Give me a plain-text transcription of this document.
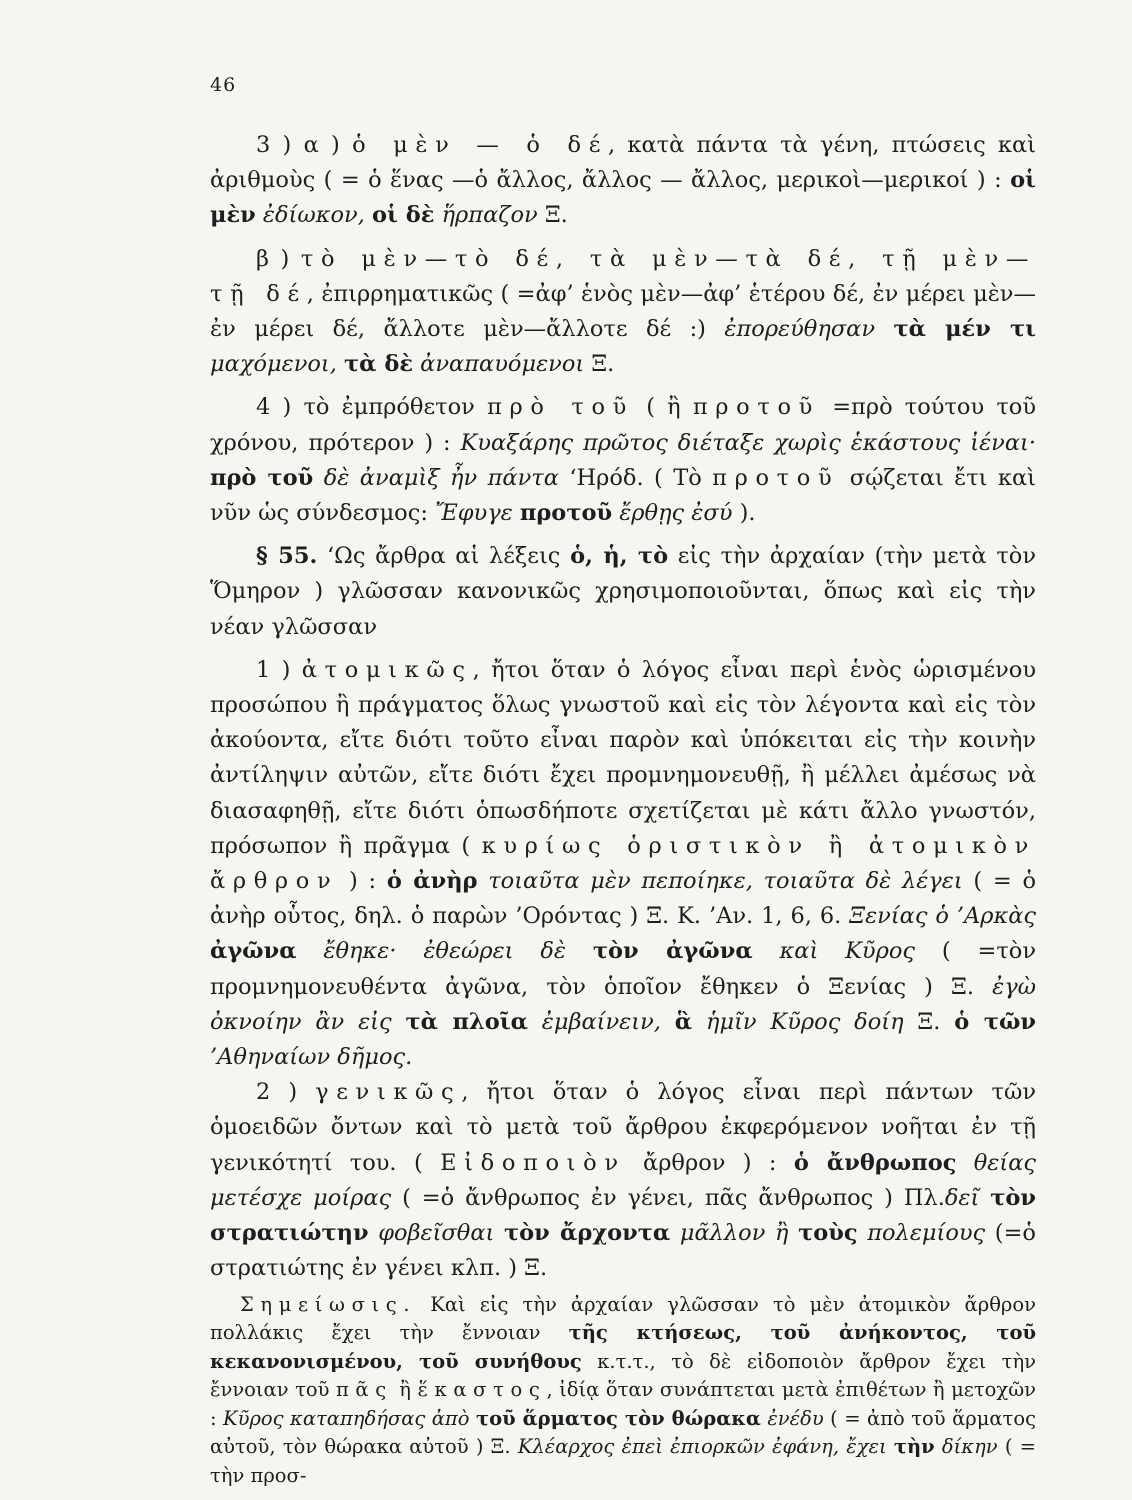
46

3 ) α ) ὁ μὲν — ὁ δέ, κατὰ πάντα τὰ γένη, πτώσεις καὶ ἀριθμοὺς ( = ὁ ἕνας —ὁ ἄλλος, ἄλλος — ἄλλος, μερικοὶ—μερικοί ) : οἱ μὲν ἐδίωκον, οἱ δὲ ἥρπαζον Ξ.

β ) τὸ μὲν—τὸ δέ, τὰ μὲν—τὰ δέ, τῇ μὲν—τῇ δέ, ἐπιρρηματικῶς ( =ἀφ’ ἑνὸς μὲν—ἀφ’ ἑτέρου δέ, ἐν μέρει μὲν—ἐν μέρει δέ, ἄλλοτε μὲν—ἄλλοτε δέ :) ἐπορεύθησαν τὰ μέν τι μαχόμενοι, τὰ δὲ ἀναπαυόμενοι Ξ.

4 ) τὸ ἐμπρόθετον πρὸ τοῦ ( ἢ προτοῦ =πρὸ τούτου τοῦ χρόνου, πρότερον ) : Κυαξάρης πρῶτος διέταξε χωρὶς ἑκάστους ἰέναι· πρὸ τοῦ δὲ ἀναμὶξ ἦν πάντα ‘Ηρόδ. ( Τὸ προτοῦ σῴζεται ἔτι καὶ νῦν ὡς σύνδεσμος: Ἔφυγε προτοῦ ἔρθῃς ἐσύ ).

§ 55. ‘Ως ἄρθρα αἱ λέξεις ὁ, ἡ, τὸ εἰς τὴν ἀρχαίαν (τὴν μετὰ τὸν Ὅμηρον ) γλῶσσαν κανονικῶς χρησιμοποιοῦνται, ὅπως καὶ εἰς τὴν νέαν γλῶσσαν

1 ) ἀτομικῶς, ἤτοι ὅταν ὁ λόγος εἶναι περὶ ἑνὸς ὡρισμένου προσώπου ἢ πράγματος ὅλως γνωστοῦ καὶ εἰς τὸν λέγοντα καὶ εἰς τὸν ἀκούοντα, εἴτε διότι τοῦτο εἶναι παρὸν καὶ ὑπόκειται εἰς τὴν κοινὴν ἀντίληψιν αὐτῶν, εἴτε διότι ἔχει προμνημονευθῇ, ἢ μέλλει ἀμέσως νὰ διασαφηθῇ, εἴτε διότι ὁπωσδήποτε σχετίζεται μὲ κάτι ἄλλο γνωστόν, πρόσωπον ἢ πρᾶγμα ( κυρίως ὁριστικὸν ἢ ἀτομικὸν ἄρθρον ) : ὁ ἀνὴρ τοιαῦτα μὲν πεποίηκε, τοιαῦτα δὲ λέγει ( = ὁ ἀνὴρ οὗτος, δηλ. ὁ παρὼν ’Ορόντας ) Ξ. Κ. ’Αν. 1, 6, 6. Ξενίας ὁ ’Αρκὰς ἀγῶνα ἔθηκε· ἐθεώρει δὲ τὸν ἀγῶνα καὶ Κῦρος ( =τὸν προμνημονευθέντα ἀγῶνα, τὸν ὁποῖον ἔθηκεν ὁ Ξενίας ) Ξ. ἐγὼ ὀκνοίην ἂν εἰς τὰ πλοῖα ἐμβαίνειν, ἃ ἡμῖν Κῦρος δοίη Ξ. ὁ τῶν ’Αθηναίων δῆμος.

2 ) γενικῶς, ἤτοι ὅταν ὁ λόγος εἶναι περὶ πάντων τῶν ὁμοειδῶν ὄντων καὶ τὸ μετὰ τοῦ ἄρθρου ἐκφερόμενον νοῆται ἐν τῇ γενικότητί του. ( Εἰδοποιὸν ἄρθρον ) : ὁ ἄνθρωπος θείας μετέσχε μοίρας ( =ὁ ἄνθρωπος ἐν γένει, πᾶς ἄνθρωπος ) Πλ.δεῖ τὸν στρατιώτην φοβεῖσθαι τὸν ἄρχοντα μᾶλλον ἢ τοὺς πολεμίους (=ὁ στρατιώτης ἐν γένει κλπ. ) Ξ.

Σημείωσις. Καὶ εἰς τὴν ἀρχαίαν γλῶσσαν τὸ μὲν ἀτομικὸν ἄρθρον πολλάκις ἔχει τὴν ἔννοιαν τῆς κτήσεως, τοῦ ἀνήκοντος, τοῦ κεκανονισμένου, τοῦ συνήθους κ.τ.τ., τὸ δὲ εἰδοποιὸν ἄρθρον ἔχει τὴν ἔννοιαν τοῦ πᾶς ἢ ἕκαστος, ἰδίᾳ ὅταν συνάπτεται μετὰ ἐπιθέτων ἢ μετοχῶν : Κῦρος καταπηδήσας ἀπὸ τοῦ ἅρματος τὸν θώρακα ἐνέδυ ( = ἀπὸ τοῦ ἅρματος αὐτοῦ, τὸν θώρακα αὐτοῦ ) Ξ. Κλέαρχος ἐπεὶ ἐπιορκῶν ἐφάνη, ἔχει τὴν δίκην ( = τὴν προσ-
